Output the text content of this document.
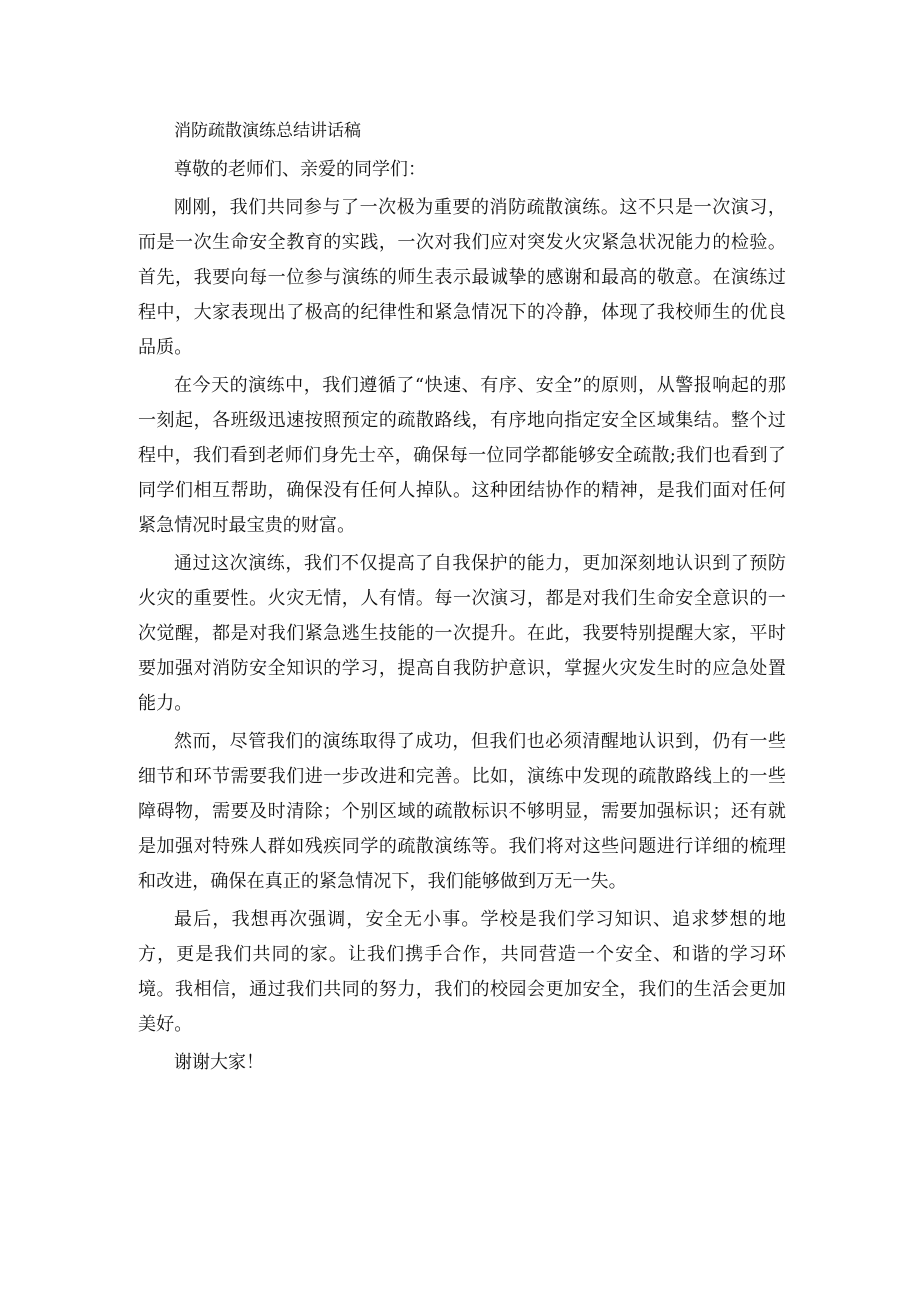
消防疏散演练总结讲话稿

尊敬的老师们、亲爱的同学们：

刚刚，我们共同参与了一次极为重要的消防疏散演练。这不只是一次演习，而是一次生命安全教育的实践，一次对我们应对突发火灾紧急状况能力的检验。首先，我要向每一位参与演练的师生表示最诚挚的感谢和最高的敬意。在演练过程中，大家表现出了极高的纪律性和紧急情况下的冷静，体现了我校师生的优良品质。

在今天的演练中，我们遵循了“快速、有序、安全”的原则，从警报响起的那一刻起，各班级迅速按照预定的疏散路线，有序地向指定安全区域集结。整个过程中，我们看到老师们身先士卒，确保每一位同学都能够安全疏散;我们也看到了同学们相互帮助，确保没有任何人掉队。这种团结协作的精神，是我们面对任何紧急情况时最宝贵的财富。

通过这次演练，我们不仅提高了自我保护的能力，更加深刻地认识到了预防火灾的重要性。火灾无情，人有情。每一次演习，都是对我们生命安全意识的一次觉醒，都是对我们紧急逃生技能的一次提升。在此，我要特别提醒大家，平时要加强对消防安全知识的学习，提高自我防护意识，掌握火灾发生时的应急处置能力。

然而，尽管我们的演练取得了成功，但我们也必须清醒地认识到，仍有一些细节和环节需要我们进一步改进和完善。比如，演练中发现的疏散路线上的一些障碍物，需要及时清除；个别区域的疏散标识不够明显，需要加强标识；还有就是加强对特殊人群如残疾同学的疏散演练等。我们将对这些问题进行详细的梳理和改进，确保在真正的紧急情况下，我们能够做到万无一失。

最后，我想再次强调，安全无小事。学校是我们学习知识、追求梦想的地方，更是我们共同的家。让我们携手合作，共同营造一个安全、和谐的学习环境。我相信，通过我们共同的努力，我们的校园会更加安全，我们的生活会更加美好。

谢谢大家！
